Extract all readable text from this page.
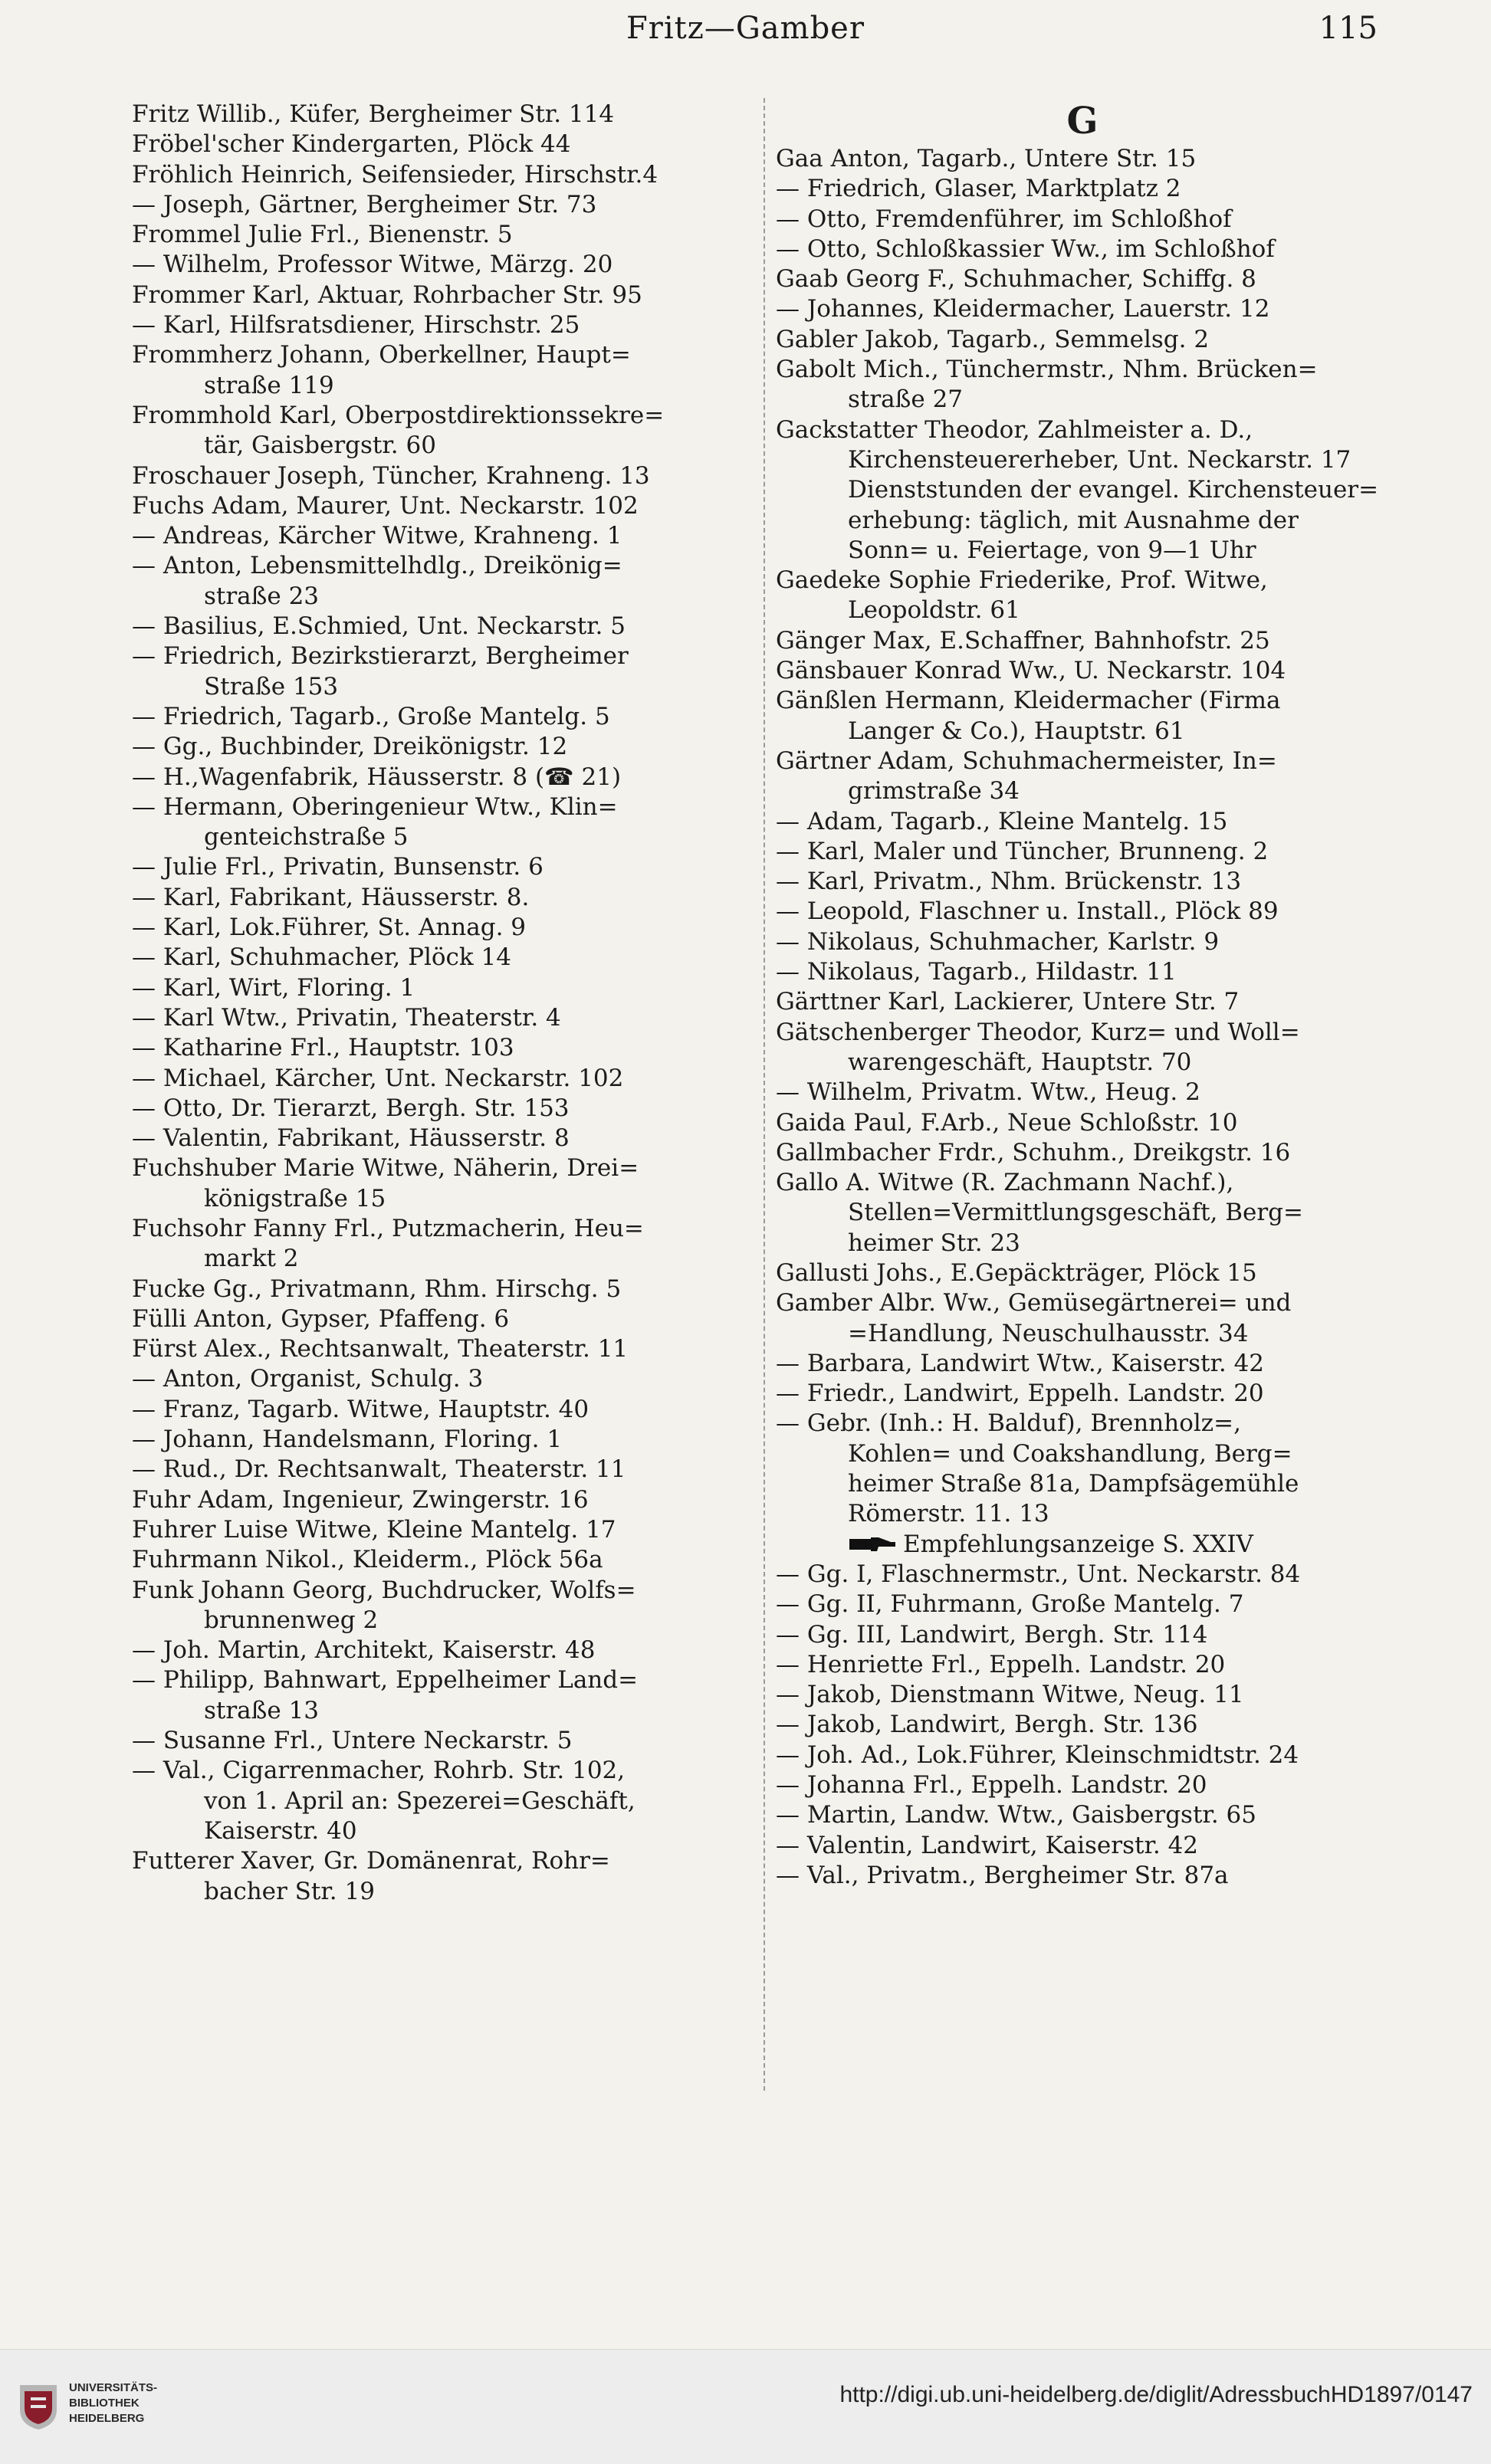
Fritz—Gamber	115
Fritz Willib., Küfer, Bergheimer Str. 114
Fröbel'scher Kindergarten, Plöck 44
Fröhlich Heinrich, Seifensieder, Hirschstr.4
— Joseph, Gärtner, Bergheimer Str. 73
Frommel Julie Frl., Bienenstr. 5
— Wilhelm, Professor Witwe, Märzg. 20
Frommer Karl, Aktuar, Rohrbacher Str. 95
— Karl, Hilfsratsdiener, Hirschstr. 25
Frommherz Johann, Oberkellner, Haupt=
straße 119
Frommhold Karl, Oberpostdirektionssekre=
tär, Gaisbergstr. 60
Froschauer Joseph, Tüncher, Krahneng. 13
Fuchs Adam, Maurer, Unt. Neckarstr. 102
— Andreas, Kärcher Witwe, Krahneng. 1
— Anton, Lebensmittelhdlg., Dreikönig=
straße 23
— Basilius, E.Schmied, Unt. Neckarstr. 5
— Friedrich, Bezirkstierarzt, Bergheimer
Straße 153
— Friedrich, Tagarb., Große Mantelg. 5
— Gg., Buchbinder, Dreikönigstr. 12
— H.,Wagenfabrik, Häusserstr. 8 (☎ 21)
— Hermann, Oberingenieur Wtw., Klin=
genteichstraße 5
— Julie Frl., Privatin, Bunsenstr. 6
— Karl, Fabrikant, Häusserstr. 8.
— Karl, Lok.Führer, St. Annag. 9
— Karl, Schuhmacher, Plöck 14
— Karl, Wirt, Floring. 1
— Karl Wtw., Privatin, Theaterstr. 4
— Katharine Frl., Hauptstr. 103
— Michael, Kärcher, Unt. Neckarstr. 102
— Otto, Dr. Tierarzt, Bergh. Str. 153
— Valentin, Fabrikant, Häusserstr. 8
Fuchshuber Marie Witwe, Näherin, Drei=
königstraße 15
Fuchsohr Fanny Frl., Putzmacherin, Heu=
markt 2
Fucke Gg., Privatmann, Rhm. Hirschg. 5
Fülli Anton, Gypser, Pfaffeng. 6
Fürst Alex., Rechtsanwalt, Theaterstr. 11
— Anton, Organist, Schulg. 3
— Franz, Tagarb. Witwe, Hauptstr. 40
— Johann, Handelsmann, Floring. 1
— Rud., Dr. Rechtsanwalt, Theaterstr. 11
Fuhr Adam, Ingenieur, Zwingerstr. 16
Fuhrer Luise Witwe, Kleine Mantelg. 17
Fuhrmann Nikol., Kleiderm., Plöck 56a
Funk Johann Georg, Buchdrucker, Wolfs=
brunnenweg 2
— Joh. Martin, Architekt, Kaiserstr. 48
— Philipp, Bahnwart, Eppelheimer Land=
straße 13
— Susanne Frl., Untere Neckarstr. 5
— Val., Cigarrenmacher, Rohrb. Str. 102,
von 1. April an: Spezerei=Geschäft,
Kaiserstr. 40
Futterer Xaver, Gr. Domänenrat, Rohr=
bacher Str. 19
G
Gaa Anton, Tagarb., Untere Str. 15
— Friedrich, Glaser, Marktplatz 2
— Otto, Fremdenführer, im Schloßhof
— Otto, Schloßkassier Ww., im Schloßhof
Gaab Georg F., Schuhmacher, Schiffg. 8
— Johannes, Kleidermacher, Lauerstr. 12
Gabler Jakob, Tagarb., Semmelsg. 2
Gabolt Mich., Tünchermstr., Nhm. Brücken=
straße 27
Gackstatter Theodor, Zahlmeister a. D.,
Kirchensteuererheber, Unt. Neckarstr. 17
Dienststunden der evangel. Kirchensteuer=
erhebung: täglich, mit Ausnahme der
Sonn= u. Feiertage, von 9—1 Uhr
Gaedeke Sophie Friederike, Prof. Witwe,
Leopoldstr. 61
Gänger Max, E.Schaffner, Bahnhofstr. 25
Gänsbauer Konrad Ww., U. Neckarstr. 104
Gänßlen Hermann, Kleidermacher (Firma
Langer & Co.), Hauptstr. 61
Gärtner Adam, Schuhmachermeister, In=
grimstraße 34
— Adam, Tagarb., Kleine Mantelg. 15
— Karl, Maler und Tüncher, Brunneng. 2
— Karl, Privatm., Nhm. Brückenstr. 13
— Leopold, Flaschner u. Install., Plöck 89
— Nikolaus, Schuhmacher, Karlstr. 9
— Nikolaus, Tagarb., Hildastr. 11
Gärttner Karl, Lackierer, Untere Str. 7
Gätschenberger Theodor, Kurz= und Woll=
warengeschäft, Hauptstr. 70
— Wilhelm, Privatm. Wtw., Heug. 2
Gaida Paul, F.Arb., Neue Schloßstr. 10
Gallmbacher Frdr., Schuhm., Dreikgstr. 16
Gallo A. Witwe (R. Zachmann Nachf.),
Stellen=Vermittlungsgeschäft, Berg=
heimer Str. 23
Gallusti Johs., E.Gepäckträger, Plöck 15
Gamber Albr. Ww., Gemüsegärtnerei= und
=Handlung, Neuschulhausstr. 34
— Barbara, Landwirt Wtw., Kaiserstr. 42
— Friedr., Landwirt, Eppelh. Landstr. 20
— Gebr. (Inh.: H. Balduf), Brennholz=,
Kohlen= und Coakshandlung, Berg=
heimer Straße 81a, Dampfsägemühle
Römerstr. 11. 13
Empfehlungsanzeige S. XXIV
— Gg. I, Flaschnermstr., Unt. Neckarstr. 84
— Gg. II, Fuhrmann, Große Mantelg. 7
— Gg. III, Landwirt, Bergh. Str. 114
— Henriette Frl., Eppelh. Landstr. 20
— Jakob, Dienstmann Witwe, Neug. 11
— Jakob, Landwirt, Bergh. Str. 136
— Joh. Ad., Lok.Führer, Kleinschmidtstr. 24
— Johanna Frl., Eppelh. Landstr. 20
— Martin, Landw. Wtw., Gaisbergstr. 65
— Valentin, Landwirt, Kaiserstr. 42
— Val., Privatm., Bergheimer Str. 87a
UNIVERSITÄTS-
BIBLIOTHEK
HEIDELBERG
http://digi.ub.uni-heidelberg.de/diglit/AdressbuchHD1897/0147
